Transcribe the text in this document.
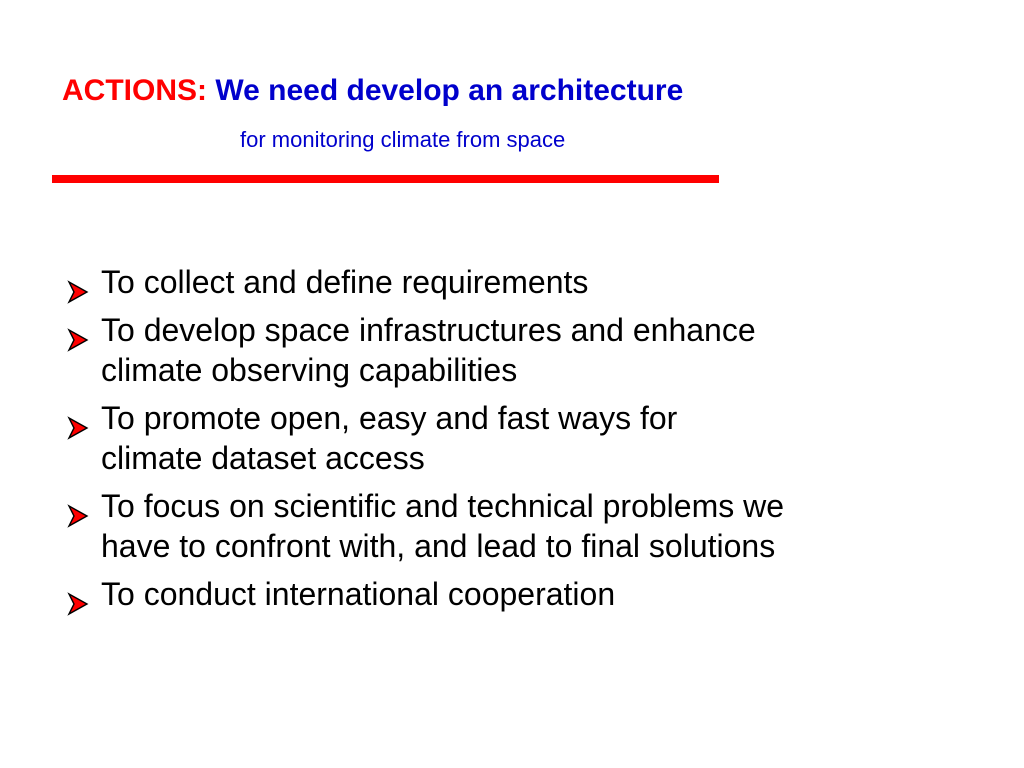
ACTIONS: We need develop an architecture

for monitoring climate from space

To collect and define requirements
To develop space infrastructures and enhance
climate observing capabilities
To promote open, easy and fast ways for
climate dataset access
To focus on scientific and technical problems we
have to confront with, and lead to final solutions
To conduct international cooperation
